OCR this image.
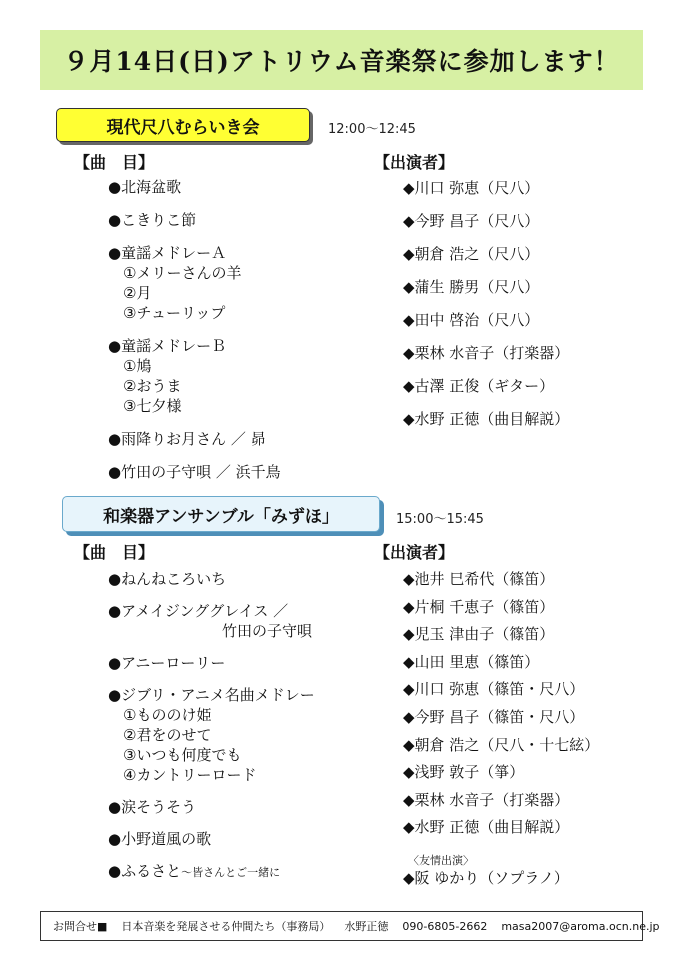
９月14日(日)アトリウム音楽祭に参加します！
現代尺八むらいき会	12:00〜12:45
【曲　目】	【出演者】
●北海盆歌
●こきりこ節
●童謡メドレーＡ
①メリーさんの羊
②月
③チューリップ
●童謡メドレーＢ
①鳩
②おうま
③七夕様
●雨降りお月さん ／ 昴
●竹田の子守唄 ／ 浜千鳥
◆川口 弥恵（尺八）
◆今野 昌子（尺八）
◆朝倉 浩之（尺八）
◆蒲生 勝男（尺八）
◆田中 啓治（尺八）
◆栗林 水音子（打楽器）
◆古澤 正俊（ギター）
◆水野 正徳（曲目解説）
和楽器アンサンブル「みずほ」	15:00〜15:45
【曲　目】	【出演者】
●ねんねころいち
●アメイジンググレイス ／
竹田の子守唄
●アニーローリー
●ジブリ・アニメ名曲メドレー
①もののけ姫
②君をのせて
③いつも何度でも
④カントリーロード
●涙そうそう
●小野道風の歌
●ふるさと〜皆さんとご一緒に
◆池井 巳希代（篠笛）
◆片桐 千恵子（篠笛）
◆児玉 津由子（篠笛）
◆山田 里恵（篠笛）
◆川口 弥恵（篠笛・尺八）
◆今野 昌子（篠笛・尺八）
◆朝倉 浩之（尺八・十七絃）
◆浅野 敦子（箏）
◆栗林 水音子（打楽器）
◆水野 正徳（曲目解説）
〈友情出演〉
◆阪 ゆかり（ソプラノ）
お問合せ■ 日本音楽を発展させる仲間たち（事務局） 水野正徳 090-6805-2662 masa2007@aroma.ocn.ne.jp
